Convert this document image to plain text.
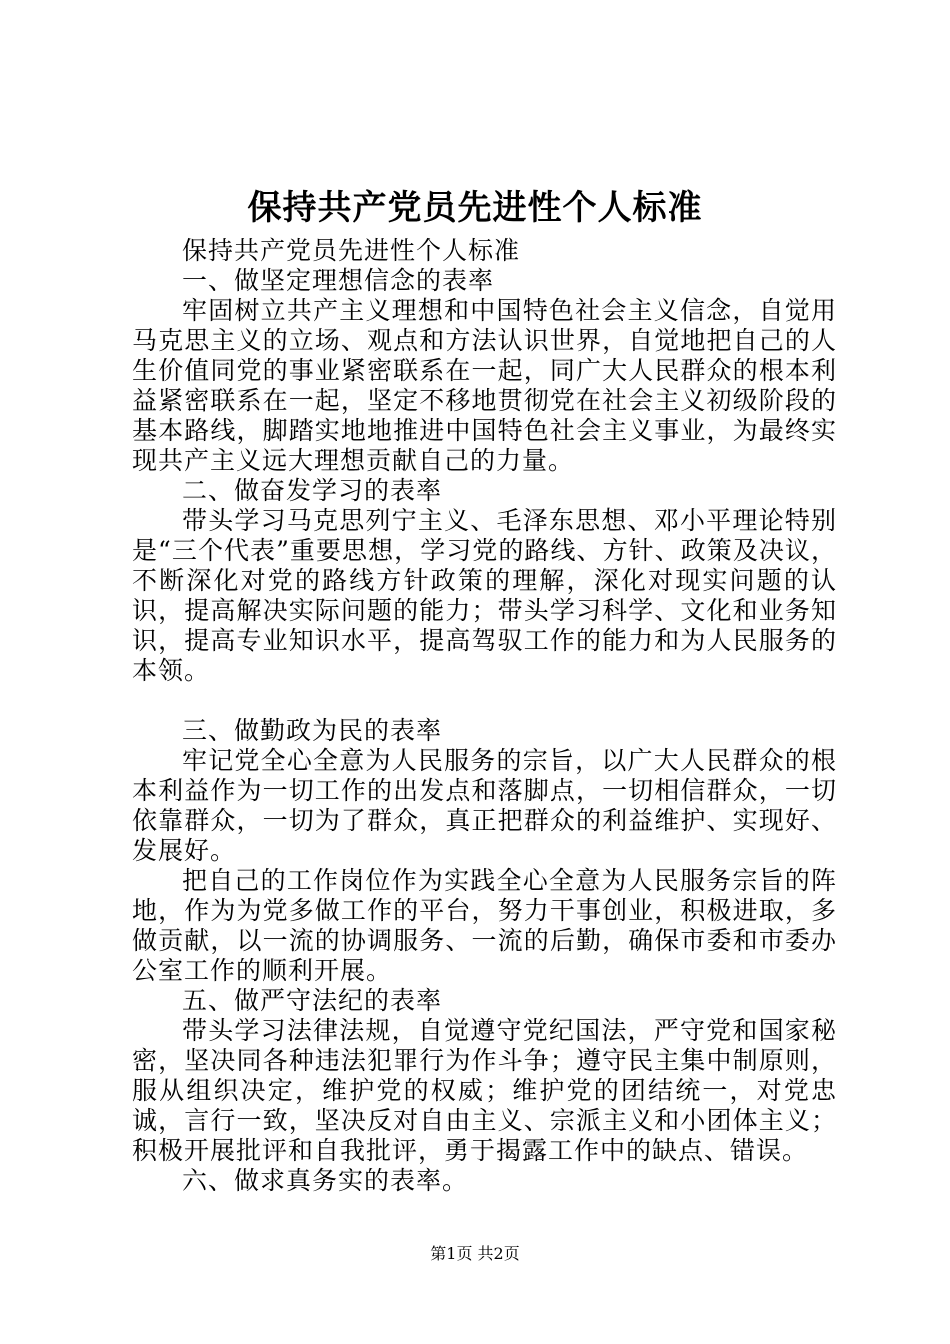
保持共产党员先进性个人标准

保持共产党员先进性个人标准

一、做坚定理想信念的表率

牢固树立共产主义理想和中国特色社会主义信念，自觉用马克思主义的立场、观点和方法认识世界，自觉地把自己的人生价值同党的事业紧密联系在一起，同广大人民群众的根本利益紧密联系在一起，坚定不移地贯彻党在社会主义初级阶段的基本路线，脚踏实地地推进中国特色社会主义事业，为最终实现共产主义远大理想贡献自己的力量。

二、做奋发学习的表率

带头学习马克思列宁主义、毛泽东思想、邓小平理论特别是“三个代表”重要思想，学习党的路线、方针、政策及决议，不断深化对党的路线方针政策的理解，深化对现实问题的认识，提高解决实际问题的能力；带头学习科学、文化和业务知识，提高专业知识水平，提高驾驭工作的能力和为人民服务的本领。

三、做勤政为民的表率

牢记党全心全意为人民服务的宗旨，以广大人民群众的根本利益作为一切工作的出发点和落脚点，一切相信群众，一切依靠群众，一切为了群众，真正把群众的利益维护、实现好、发展好。

把自己的工作岗位作为实践全心全意为人民服务宗旨的阵地，作为为党多做工作的平台，努力干事创业，积极进取，多做贡献，以一流的协调服务、一流的后勤，确保市委和市委办公室工作的顺利开展。

五、做严守法纪的表率

带头学习法律法规，自觉遵守党纪国法，严守党和国家秘密，坚决同各种违法犯罪行为作斗争；遵守民主集中制原则，服从组织决定，维护党的权威；维护党的团结统一，对党忠诚，言行一致，坚决反对自由主义、宗派主义和小团体主义；积极开展批评和自我批评，勇于揭露工作中的缺点、错误。

六、做求真务实的表率。

第1页 共2页
